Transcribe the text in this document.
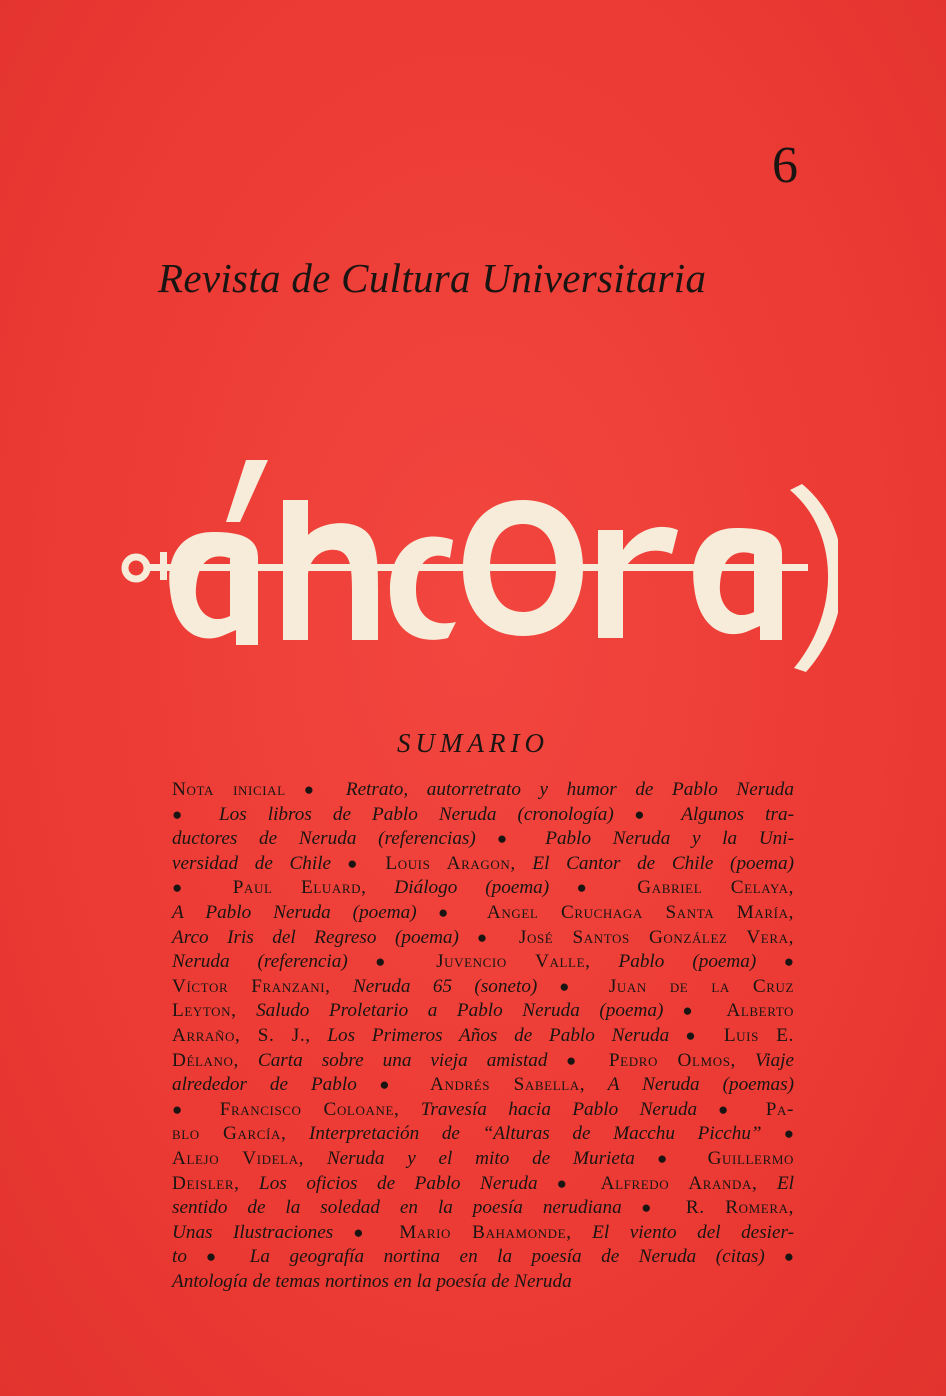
6
Revista de Cultura Universitaria
SUMARIO
Nota inicial ● Retrato, autorretrato y humor de Pablo Neruda
● Los libros de Pablo Neruda (cronología) ● Algunos tra-
ductores de Neruda (referencias) ● Pablo Neruda y la Uni-
versidad de Chile ● Louis Aragon, El Cantor de Chile (poema)
● Paul Eluard, Diálogo (poema) ● Gabriel Celaya,
A Pablo Neruda (poema) ● Angel Cruchaga Santa María,
Arco Iris del Regreso (poema) ● José Santos González Vera,
Neruda (referencia) ● Juvencio Valle, Pablo (poema) ●
Víctor Franzani, Neruda 65 (soneto) ● Juan de la Cruz
Leyton, Saludo Proletario a Pablo Neruda (poema) ● Alberto
Arraño, S. J., Los Primeros Años de Pablo Neruda ● Luis E.
Délano, Carta sobre una vieja amistad ● Pedro Olmos, Viaje
alrededor de Pablo ● Andrés Sabella, A Neruda (poemas)
● Francisco Coloane, Travesía hacia Pablo Neruda ● Pa-
blo García, Interpretación de “Alturas de Macchu Picchu” ●
Alejo Videla, Neruda y el mito de Murieta ● Guillermo
Deisler, Los oficios de Pablo Neruda ● Alfredo Aranda, El
sentido de la soledad en la poesía nerudiana ● R. Romera,
Unas Ilustraciones ● Mario Bahamonde, El viento del desier-
to ● La geografía nortina en la poesía de Neruda (citas) ●
Antología de temas nortinos en la poesía de Neruda
